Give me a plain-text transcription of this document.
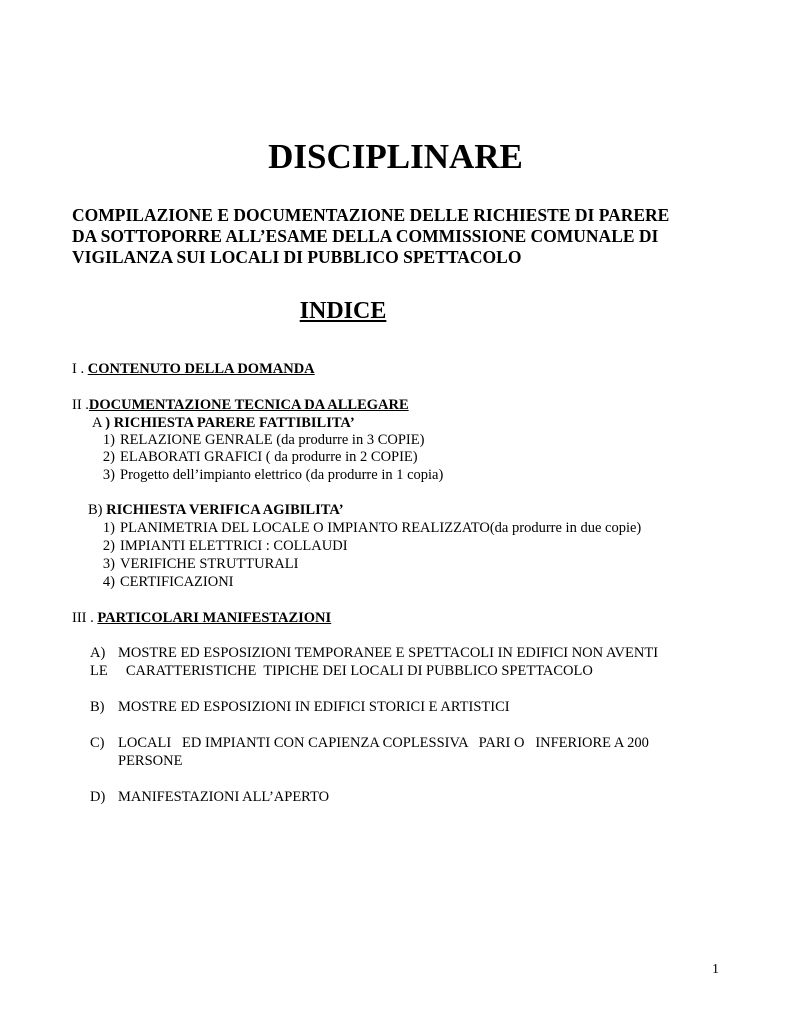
DISCIPLINARE
COMPILAZIONE E DOCUMENTAZIONE DELLE RICHIESTE DI PARERE
DA SOTTOPORRE ALL’ESAME DELLA COMMISSIONE COMUNALE DI
VIGILANZA SUI LOCALI DI PUBBLICO SPETTACOLO
INDICE
I . CONTENUTO DELLA DOMANDA
II .DOCUMENTAZIONE TECNICA DA ALLEGARE
A ) RICHIESTA PARERE FATTIBILITA’
1) RELAZIONE GENRALE (da produrre in 3 COPIE)
2) ELABORATI GRAFICI ( da produrre in 2 COPIE)
3) Progetto dell’impianto elettrico (da produrre in 1 copia)
B) RICHIESTA VERIFICA AGIBILITA’
1) PLANIMETRIA DEL LOCALE O IMPIANTO REALIZZATO(da produrre in due copie)
2) IMPIANTI ELETTRICI : COLLAUDI
3) VERIFICHE STRUTTURALI
4) CERTIFICAZIONI
III . PARTICOLARI MANIFESTAZIONI
A) MOSTRE ED ESPOSIZIONI TEMPORANEE E SPETTACOLI IN EDIFICI NON AVENTI
LE     CARATTERISTICHE  TIPICHE DEI LOCALI DI PUBBLICO SPETTACOLO
B) MOSTRE ED ESPOSIZIONI IN EDIFICI STORICI E ARTISTICI
C) LOCALI   ED IMPIANTI CON CAPIENZA COPLESSIVA   PARI O   INFERIORE A 200
PERSONE
D) MANIFESTAZIONI ALL’APERTO
1
